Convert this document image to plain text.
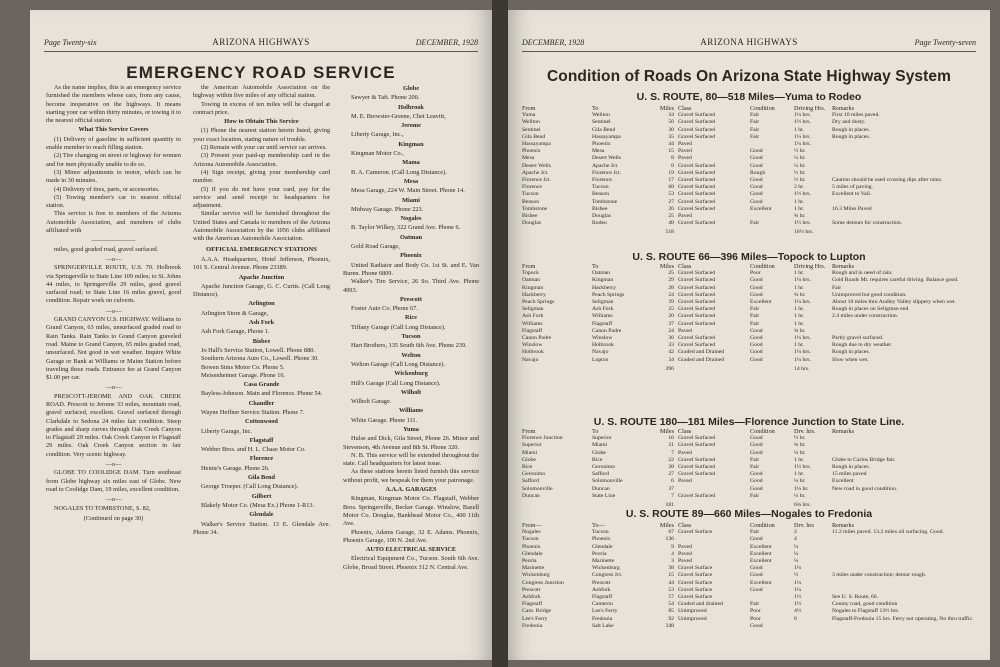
Page Twenty-six	ARIZONA HIGHWAYS	DECEMBER, 1928
EMERGENCY ROAD SERVICE

As the name implies, this is an emergency service furnished the members whose cars, from any cause, become inoperative on the highways. It means starting your car within thirty minutes, or towing it to the nearest official station.

What This Service Covers

(1) Delivery of gasoline in sufficient quantity to enable member to reach filling station.

(2) Tire changing on street or highway for women and for men physically unable to do so.

(3) Minor adjustments to motor, which can be made in 30 minutes.

(4) Delivery of tires, parts, or accessories.

(5) Towing member's car to nearest official station.

This service is free to members of the Arizona Automobile Association, and members of clubs affiliated with

———————

miles, good graded road, gravel surfaced.

—o—

SPRINGERVILLE ROUTE, U.S. 70. Holbrook via Springerville to State Line 109 miles; to St. Johns 44 miles, to Springerville 29 miles, good gravel surfaced road; to State Line 16 miles gravel, good condition. Repair work on culverts.

—o—

GRAND CANYON U.S. HIGHWAY. Williams to Grand Canyon, 63 miles, unsurfaced graded road to Rain Tanks. Rain Tanks to Grand Canyon graveled road. Maine to Grand Canyon, 65 miles graded road, unsurfaced. Not good in wet weather. Inquire White Garage or Bank at Williams or Maine Station before traveling these roads. Entrance fee at Grand Canyon $1.00 per car.

—o—

PRESCOTT-JEROME AND OAK CREEK ROAD. Prescott to Jerome 33 miles, mountain road, gravel surfaced, excellent. Gravel surfaced through Clarkdale to Sedona 24 miles fair condition. Steep grades and sharp curves through Oak Creek Canyon to Flagstaff 29 miles. Oak Creek Canyon to Flagstaff 29 miles. Oak Creek Canyon section in fair condition. Very scenic highway.

—o—

GLOBE TO COOLIDGE DAM. Turn southeast from Globe highway six miles east of Globe. New road to Coolidge Dam, 19 miles, excellent condition.

—o—

NOGALES TO TOMBSTONE, S. 82,

(Continued on page 30)

the American Automobile Association on the highway within five miles of any official station.

Towing in excess of ten miles will be charged at contract price.

How to Obtain This Service

(1) Phone the nearest station herein listed, giving your exact location, stating nature of trouble.

(2) Remain with your car until service car arrives.

(3) Present your paid-up membership card in the Arizona Automobile Association.

(4) Sign receipt, giving your membership card number.

(5) If you do not have your card, pay for the service and send receipt to headquarters for adjustment.

Similar service will be furnished throughout the United States and Canada to members of the Arizona Automobile Association by the 1056 clubs affiliated with the American Automobile Association.

OFFICIAL EMERGENCY STATIONS

A.A.A. Headquarters, Hotel Jefferson, Phoenix, 101 S. Central Avenue. Phone 23389.

Apache Junction

Apache Junction Garage, G. C. Curtis. (Call Long Distance).

Arlington

Arlington Store & Garage,

Ash Fork

Ash Fork Garage, Phone 1.

Bisbee

Jo Hall's Service Station, Lowell. Phone 880.

Southern Arizona Auto Co., Lowell. Phone 30.

Bowen Sims Motor Co. Phone 5.

Meisenheimer Garage. Phone 16.

Casa Grande

Bayless-Johnson. Main and Florence. Phone 54.

Chandler

Wayne Heffner Service Station. Phone 7.

Cottonwood

Liberty Garage, Inc.

Flagstaff

Webber Bros. and H. L. Chase Motor Co.

Florence

Heinie's Garage. Phone 26.

Gila Bend

George Troeper. (Call Long Distance).

Gilbert

Blakely Motor Co. (Mesa Ex.) Phone 1-R13.

Glendale

Walker's Service Station. 13 E. Glendale Ave. Phone 34.

Globe

Sawyer & Taft. Phone 200.

Holbrook

M. E. Brewster-Greene, Chet Leavitt,

Jerome

Liberty Garage, Inc.,

Kingman

Kingman Motor Co.,

Mama

B. A. Cameron. (Call Long Distance).

Mesa

Mesa Garage, 224 W. Main Street. Phone 14.

Miami

Midway Garage. Phone 223.

Nogales

B. Taylor Wilkey, 322 Grand Ave. Phone 6.

Oatman

Gold Road Garage,

Phoenix

United Radiator and Body Co. 1st St. and E. Van Buren. Phone 6809.

Walker's Tire Service, 26 So. Third Ave. Phone 4993.

Prescott

Foster Auto Co. Phone 67.

Rice

Tiffany Garage (Call Long Distance).

Tucson

Hart Brothers, 135 South 6th Ave. Phone 239.

Welton

Welton Garage (Call Long Distance).

Wickenburg

Hill's Garage (Call Long Distance).

Wilholt

Wilholt Garage.

Williams

White Garage. Phone 111.

Yuma

Hulse and Dick, Gila Street, Phone 26. Minor and Stevenson, 4th Avenue and 8th St. Phone 320.

N. B. This service will be extended throughout the state. Call headquarters for latest issue.

As these stations herein listed furnish this service without profit, we bespeak for them your patronage.

A.A.A. GARAGES

Kingman, Kingman Motor Co. Flagstaff, Webber Bros. Springerville, Becker Garage. Winslow, Bazell Motor Co. Douglas, Bankhead Motor Co., 400 11th Ave.

Phoenix, Adams Garage, 32 E. Adams. Phoenix, Phoenix Garage, 100 N. 2nd Ave.

AUTO ELECTRICAL SERVICE

Electrical Equipment Co., Tucson. South 6th Ave. Globe, Broad Street. Phoenix 312 N. Central Ave.

DECEMBER, 1928	ARIZONA HIGHWAYS	Page Twenty-seven
Condition of Roads On Arizona State Highway System
U. S. ROUTE, 80—518 Miles—Yuma to Rodeo
From	To	Miles	Class	Condition	Driving Hrs.	Remarks
Yuma	Wellton	34	Gravel Surfaced	Fair	1¼ hrs.	First 10 miles paved.
Wellton	Sentinel	56	Gravel Surfaced	Fair	1½ hrs.	Dry and dusty.
Sentinel	Gila Bend	30	Gravel Surfaced	Fair	1 hr.	Rough in places.
Gila Bend	Hassayampa	35	Gravel Surfaced	Fair	1¼ hrs.	Rough in places.
Hassayampa	Phoenix	44	Paved		1¼ hrs.	
Phoenix	Mesa	15	Paved	Good	½ hr.	
Mesa	Desert Wells	8	Paved	Good	¼ hr.	
Desert Wells	Apache Jct.	8	Gravel Surfaced	Good	¼ hr.	
Apache Jct.	Florence Jct.	19	Gravel Surfaced	Rough	½ hr.	
Florence Jct.	Florence	17	Gravel Surfaced	Good	½ hr.	Caution should be used crossing dips after rains.
Florence	Tucson	68	Gravel Surfaced	Good	2 hr.	5 miles of paving.
Tucson	Benson	53	Gravel Surfaced	Good	1½ hrs.	Excellent to Vail.
Benson	Tombstone	27	Gravel Surfaced	Good	1 hr.	
Tombstone	Bisbee	26	Gravel Surfaced	Excellent	1 hr.	16.3 Miles Paved
Bisbee	Douglas	25	Paved		¾ hr.	
Douglas	Rodeo	48	Gravel Surfaced	Fair	1½ hrs.	Some detours for construction.
		518			16½ hrs.	
U. S. ROUTE 66—396 Miles—Topock to Lupton
From	To	Miles	Class	Condition	Driving Hrs.	Remarks
Topock	Oatman	25	Gravel Surfaced	Poor	1 hr.	Rough and in need of rain.
Oatman	Kingman	29	Gravel Surfaced	Good	1¼ hrs.	Gold Roads Mt. requires careful driving. Balance good.
Kingman	Hackberry	28	Gravel Surfaced	Good	1 hr.	Fair
Hackberry	Peach Springs	24	Gravel Surfaced	Good	¾ hr.	Unimproved but good condition.
Peach Springs	Seligman	39	Gravel Surfaced	Excellent	1¼ hrs.	About 10 miles thru Audley Valley slippery when wet.
Seligman	Ash Fork	25	Gravel Surfaced	Fair	1 hr.	Rough in places on Seligman end
Ash Fork	Williams	20	Gravel Surfaced	Fair	1 hr.	2.4 miles under construction.
Williams	Flagstaff	37	Gravel Surfaced	Fair	1 hr.	
Flagstaff	Canon Padre	24	Paved	Good	¾ hr.	
Canon Padre	Winslow	36	Gravel Surfaced	Good	1¼ hrs.	Partly gravel surfaced.
Winslow	Holbrook	33	Gravel Surfaced	Good	1 hr.	Rough due to dry weather.
Holbrook	Navajo	42	Graded and Drained	Good	1¼ hrs.	Rough in places.
Navajo	Lupton	34	Graded and Drained	Good	1¼ hrs.	Slow when wet.
		396			14 hrs.	
U. S. ROUTE 180—181 Miles—Florence Junction to State Line.
From	To	Miles	Class	Condition	Drv. hrs.	Remarks
Florence Junction	Superior	16	Gravel Surfaced	Good	½ hr.	
Superior	Miami	21	Gravel Surfaced	Good	¾ hr.	
Miami	Globe	7	Paved	Good	¼ hr.	
Globe	Rice	22	Gravel Surfaced	Fair	1 hr.	Globe to Carlos Bridge fair.
Rice	Geronimo	38	Gravel Surfaced	Fair	1½ hrs.	Rough in places.
Geronimo	Safford	27	Gravel Surfaced	Good	1 hr.	15 miles paved
Safford	Solomonville	6	Paved	Good	¼ hr.	Excellent
Solomonville	Duncan	37		Good	1¼ hr.	New road in good condition.
Duncan	State Line	7	Gravel Surfaced	Fair	¼ hr.	
		181			6¾ hrs.	
U. S. ROUTE 89—660 Miles—Nogales to Fredonia
From—	To—	Miles	Class	Condition	Drv. hrs	Remarks
Nogales	Tucson	67	Gravel Surface	Fair	2	11.2 miles paved. 13.2 miles oil surfacing. Good.
Tucson	Phoenix	136		Good	4	
Phoenix	Glendale	9	Paved	Excellent	¼	
Glendale	Peoria	4	Paved	Excellent	¼	
Peoria	Marinette	3	Paved	Excellent	¼	
Marinette	Wickenburg	38	Gravel Surface	Good	1¼	
Wickenburg	Congress Jct.	15	Gravel Surface	Good	½	3 miles under construction; detour rough.
Congress Junction	Prescott	44	Gravel Surface	Excellent	1¼	
Prescott	Ashfork	53	Gravel Surface	Good	1¼	
Ashfork	Flagstaff	57	Gravel Surface		1½	See U. S. Route, 66.
Flagstaff	Cameron	54	Graded and drained	Fair	1½	County road, good condition
Cam. Bridge	Lee's Ferry	85	Unimproved	Poor	4½	Nogales to Flagstaff 13½ hrs.
Lee's Ferry	Fredonia	92	Unimproved	Poor	8	Flagstaff-Fredonia 15 hrs. Ferry not operating. No thru traffic.
Fredonia	Salt Lake	348		Good		
